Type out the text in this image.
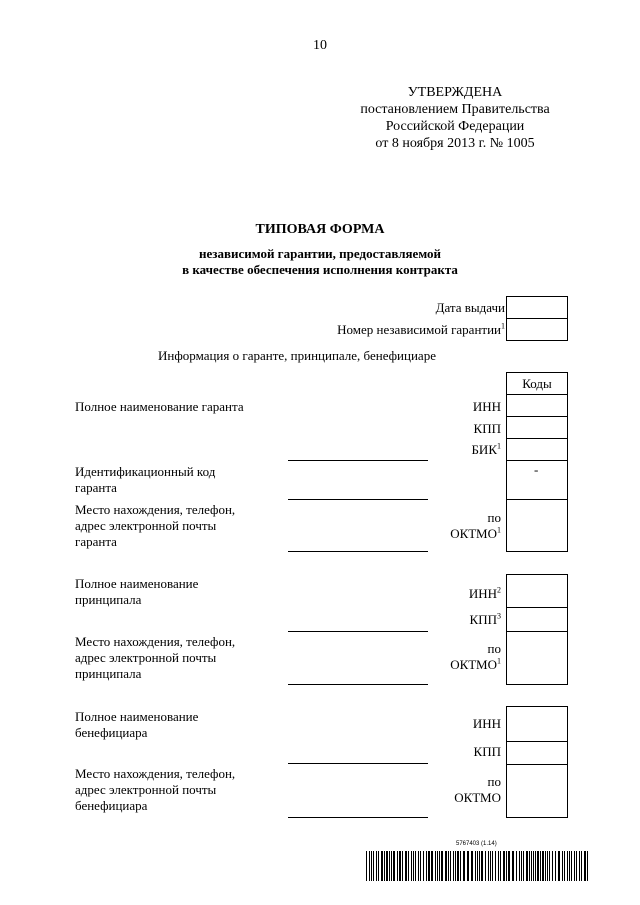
10
УТВЕРЖДЕНА
постановлением Правительства
Российской Федерации
от 8 ноября 2013 г. № 1005
ТИПОВАЯ ФОРМА
независимой гарантии, предоставляемой
в качестве обеспечения исполнения контракта
Дата выдачи
Номер независимой гарантии$^1$
Информация о гаранте, принципале, бенефициаре
Коды
Полное наименование гаранта	ИНН
КПП
БИК$^1$
Идентификационный код
гаранта
-
Место нахождения, телефон,
адрес электронной почты
гаранта
по
ОКТМО$^1$
Полное наименование
принципала	ИНН$^2$
КПП$^3$
Место нахождения, телефон,
адрес электронной почты
принципала
по
ОКТМО$^1$
Полное наименование
бенефициара
ИНН
КПП
Место нахождения, телефон,
адрес электронной почты
бенефициара
по
ОКТМО
5767403 (1.14)
